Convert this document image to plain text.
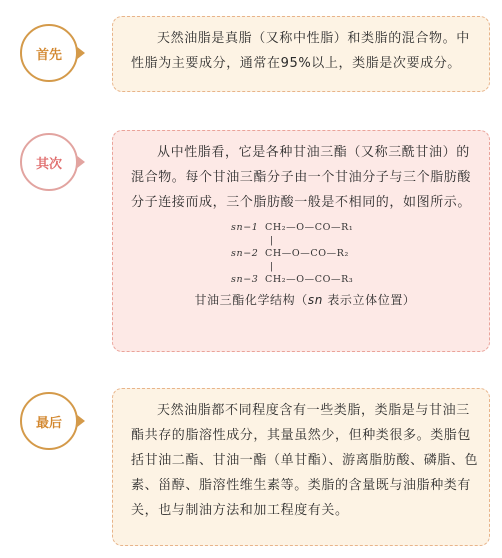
首先

天然油脂是真脂（又称中性脂）和类脂的混合物。中性脂为主要成分，通常在95%以上，类脂是次要成分。

其次

从中性脂看，它是各种甘油三酯（又称三酰甘油）的混合物。每个甘油三酯分子由一个甘油分子与三个脂肪酸分子连接而成，三个脂肪酸一般是不相同的，如图所示。

sn−1 CH₂—O—CO—R₁
|
sn−2 CH—O—CO—R₂
|
sn−3 CH₂—O—CO—R₃
甘油三酯化学结构（sn 表示立体位置）
最后

天然油脂都不同程度含有一些类脂，类脂是与甘油三酯共存的脂溶性成分，其量虽然少，但种类很多。类脂包括甘油二酯、甘油一酯（单甘酯）、游离脂肪酸、磷脂、色素、甾醇、脂溶性维生素等。类脂的含量既与油脂种类有关，也与制油方法和加工程度有关。
